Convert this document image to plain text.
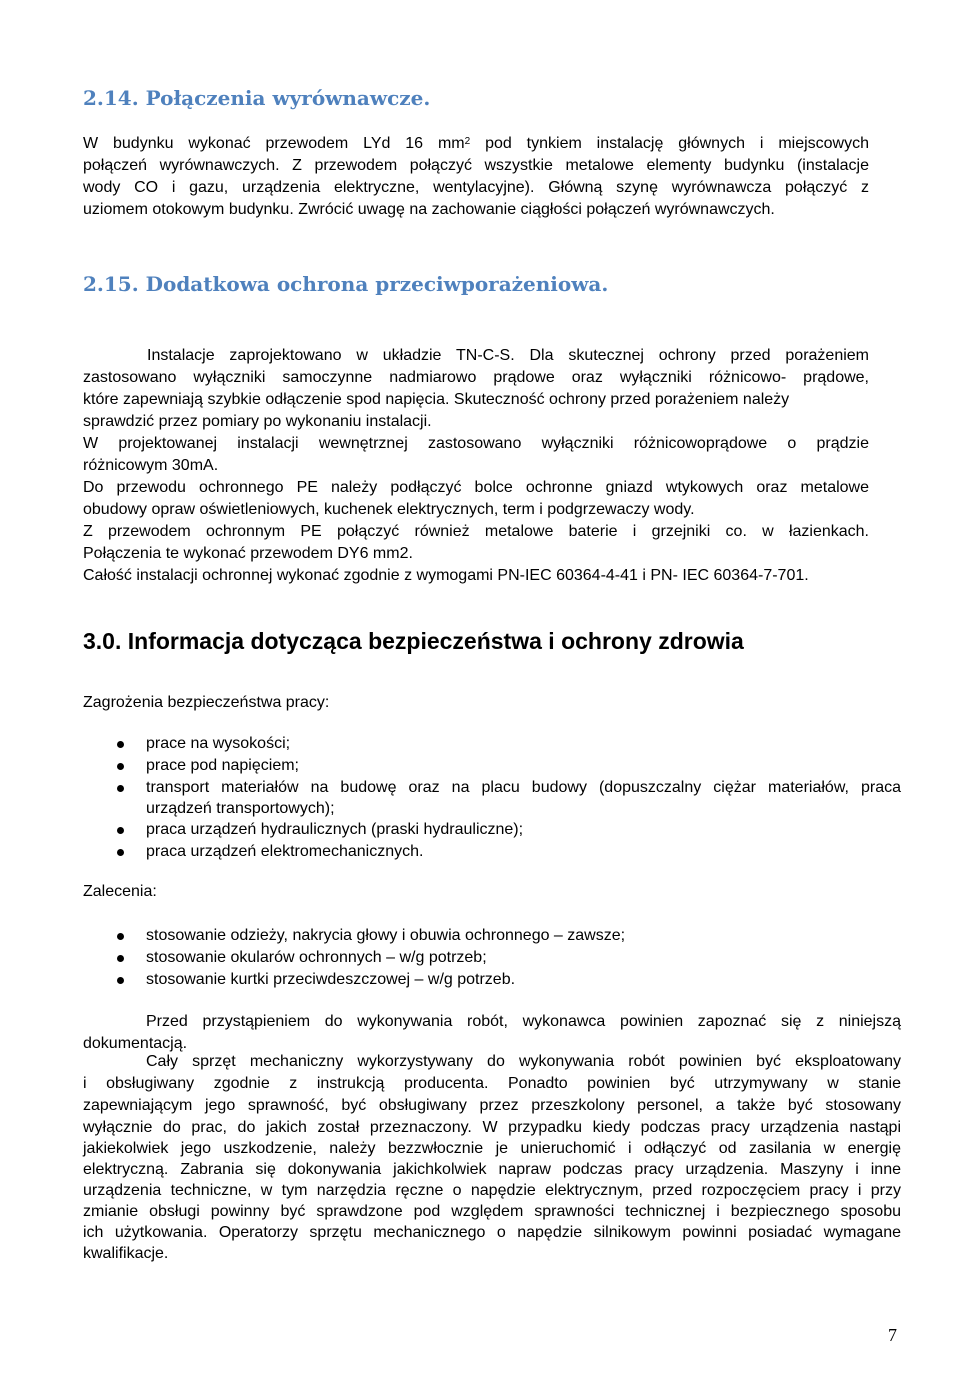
2.14. Połączenia wyrównawcze.
W budynku wykonać przewodem LYd 16 $mm^2$ pod tynkiem instalację głównych i miejscowych
połączeń wyrównawczych. Z przewodem połączyć wszystkie metalowe elementy budynku (instalacje
wody CO i gazu, urządzenia elektryczne, wentylacyjne). Główną szynę wyrównawcza połączyć z
uziomem otokowym budynku. Zwrócić uwagę na zachowanie ciągłości połączeń wyrównawczych.
2.15. Dodatkowa ochrona przeciwporażeniowa.
Instalacje zaprojektowano w układzie TN-C-S. Dla skutecznej ochrony przed porażeniem
zastosowano wyłączniki samoczynne nadmiarowo prądowe oraz wyłączniki różnicowo- prądowe,
które zapewniają szybkie odłączenie spod napięcia. Skuteczność ochrony przed porażeniem należy
sprawdzić przez pomiary po wykonaniu instalacji.
W projektowanej instalacji wewnętrznej zastosowano wyłączniki różnicowoprądowe o prądzie
różnicowym 30mA.
Do przewodu ochronnego PE należy podłączyć bolce ochronne gniazd wtykowych oraz metalowe
obudowy opraw oświetleniowych, kuchenek elektrycznych, term i podgrzewaczy wody.
Z przewodem ochronnym PE połączyć również metalowe baterie i grzejniki co. w łazienkach.
Połączenia te wykonać przewodem DY6 mm2.
Całość instalacji ochronnej wykonać zgodnie z wymogami PN-IEC 60364-4-41 i PN- IEC 60364-7-701.
3.0. Informacja dotycząca bezpieczeństwa i ochrony zdrowia
Zagrożenia bezpieczeństwa pracy:
prace na wysokości;
prace pod napięciem;
transport materiałów na budowę oraz na placu budowy (dopuszczalny ciężar materiałów, praca
urządzeń transportowych);
praca urządzeń hydraulicznych (praski hydrauliczne);
praca urządzeń elektromechanicznych.
Zalecenia:
stosowanie odzieży, nakrycia głowy i obuwia ochronnego – zawsze;
stosowanie okularów ochronnych – w/g potrzeb;
stosowanie kurtki przeciwdeszczowej – w/g potrzeb.
Przed przystąpieniem do wykonywania robót, wykonawca powinien zapoznać się z niniejszą
dokumentacją.
Cały sprzęt mechaniczny wykorzystywany do wykonywania robót powinien być eksploatowany
i obsługiwany zgodnie z instrukcją producenta. Ponadto powinien być utrzymywany w stanie
zapewniającym jego sprawność, być obsługiwany przez przeszkolony personel, a także być stosowany
wyłącznie do prac, do jakich został przeznaczony. W przypadku kiedy podczas pracy urządzenia nastąpi
jakiekolwiek jego uszkodzenie, należy bezzwłocznie je unieruchomić i odłączyć od zasilania w energię
elektryczną. Zabrania się dokonywania jakichkolwiek napraw podczas pracy urządzenia. Maszyny i inne
urządzenia techniczne, w tym narzędzia ręczne o napędzie elektrycznym, przed rozpoczęciem pracy i przy
zmianie obsługi powinny być sprawdzone pod względem sprawności technicznej i bezpiecznego sposobu
ich użytkowania. Operatorzy sprzętu mechanicznego o napędzie silnikowym powinni posiadać wymagane
kwalifikacje.
7
